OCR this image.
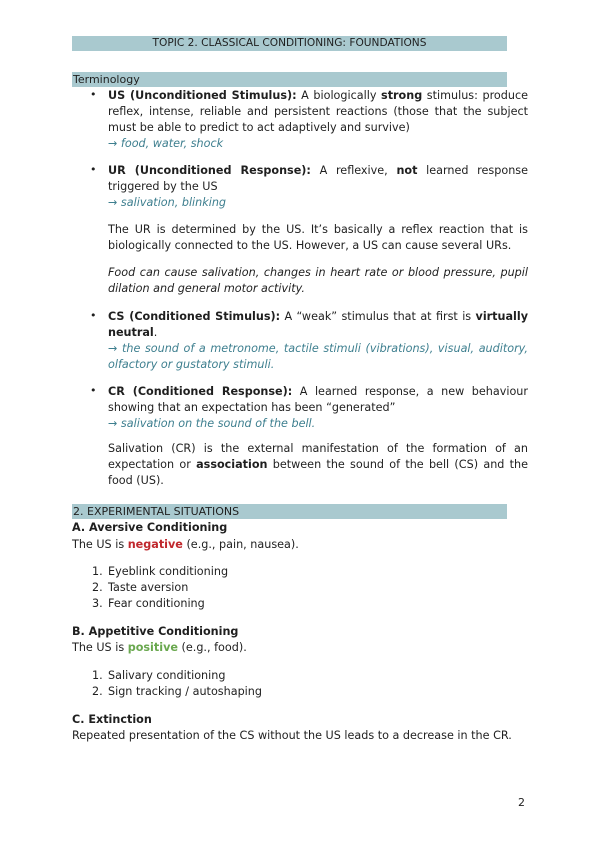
TOPIC 2. CLASSICAL CONDITIONING: FOUNDATIONS
Terminology
• US (Unconditioned Stimulus): A biologically strong stimulus: produce reflex, intense, reliable and persistent reactions (those that the subject must be able to predict to act adaptively and survive)
→ food, water, shock
• UR (Unconditioned Response): A reflexive, not learned response triggered by the US
→ salivation, blinking
The UR is determined by the US. It’s basically a reflex reaction that is biologically connected to the US. However, a US can cause several URs.
Food can cause salivation, changes in heart rate or blood pressure, pupil dilation and general motor activity.
• CS (Conditioned Stimulus): A “weak” stimulus that at first is virtually neutral.
→ the sound of a metronome, tactile stimuli (vibrations), visual, auditory, olfactory or gustatory stimuli.
• CR (Conditioned Response): A learned response, a new behaviour showing that an expectation has been “generated”
→ salivation on the sound of the bell.
Salivation (CR) is the external manifestation of the formation of an expectation or association between the sound of the bell (CS) and the food (US).
2. EXPERIMENTAL SITUATIONS
A. Aversive Conditioning
The US is negative (e.g., pain, nausea).
1. Eyeblink conditioning
2. Taste aversion
3. Fear conditioning
B. Appetitive Conditioning
The US is positive (e.g., food).
1. Salivary conditioning
2. Sign tracking / autoshaping
C. Extinction
Repeated presentation of the CS without the US leads to a decrease in the CR.
2
